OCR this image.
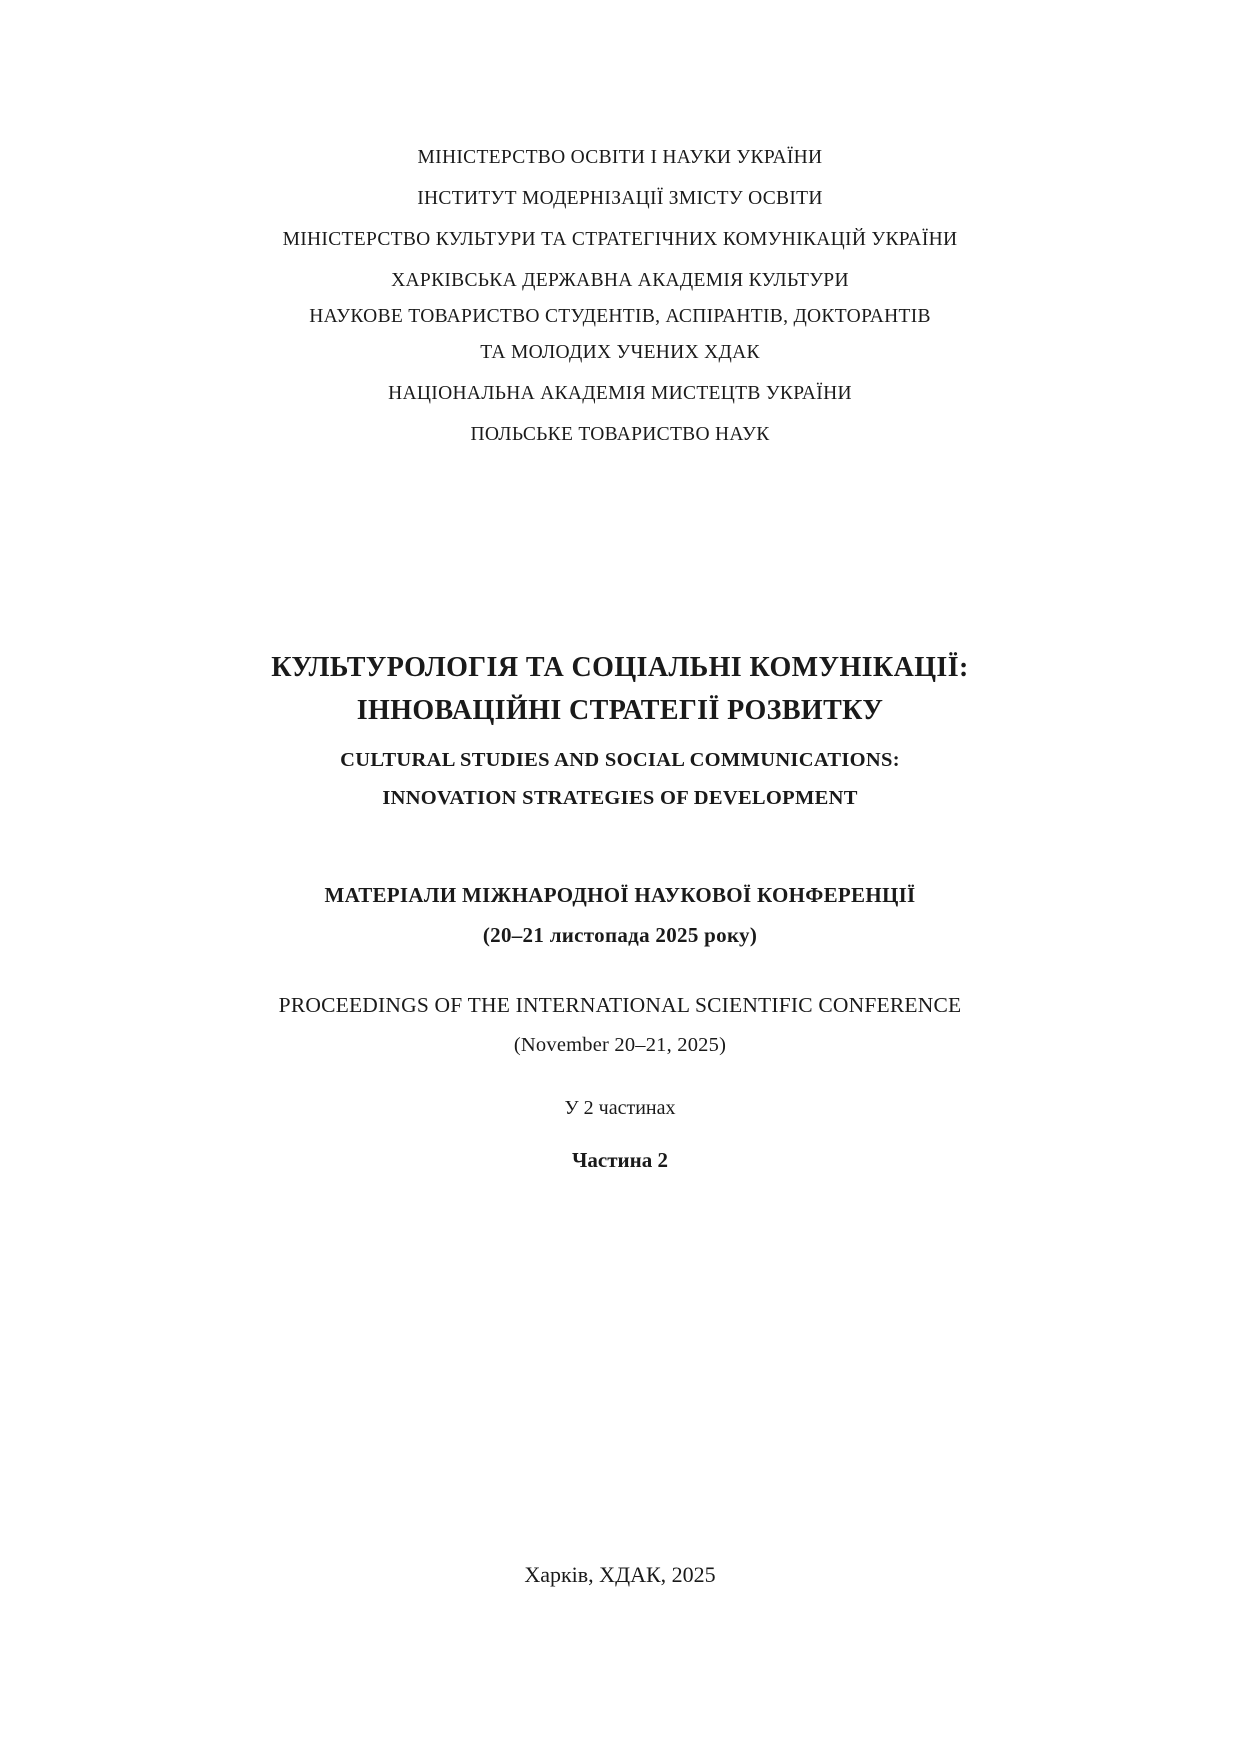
МІНІСТЕРСТВО ОСВІТИ І НАУКИ УКРАЇНИ
ІНСТИТУТ МОДЕРНІЗАЦІЇ ЗМІСТУ ОСВІТИ
МІНІСТЕРСТВО КУЛЬТУРИ ТА СТРАТЕГІЧНИХ КОМУНІКАЦІЙ УКРАЇНИ
ХАРКІВСЬКА ДЕРЖАВНА АКАДЕМІЯ КУЛЬТУРИ
НАУКОВЕ ТОВАРИСТВО СТУДЕНТІВ, АСПІРАНТІВ, ДОКТОРАНТІВ
ТА МОЛОДИХ УЧЕНИХ ХДАК
НАЦІОНАЛЬНА АКАДЕМІЯ МИСТЕЦТВ УКРАЇНИ
ПОЛЬСЬКЕ ТОВАРИСТВО НАУК
КУЛЬТУРОЛОГІЯ ТА СОЦІАЛЬНІ КОМУНІКАЦІЇ:
ІННОВАЦІЙНІ СТРАТЕГІЇ РОЗВИТКУ
CULTURAL STUDIES AND SOCIAL COMMUNICATIONS:
INNOVATION STRATEGIES OF DEVELOPMENT
МАТЕРІАЛИ МІЖНАРОДНОЇ НАУКОВОЇ КОНФЕРЕНЦІЇ
(20–21 листопада 2025 року)
PROCEEDINGS OF THE INTERNATIONAL SCIENTIFIC CONFERENCE
(November 20–21, 2025)
У 2 частинах
Частина 2
Харків, ХДАК, 2025
